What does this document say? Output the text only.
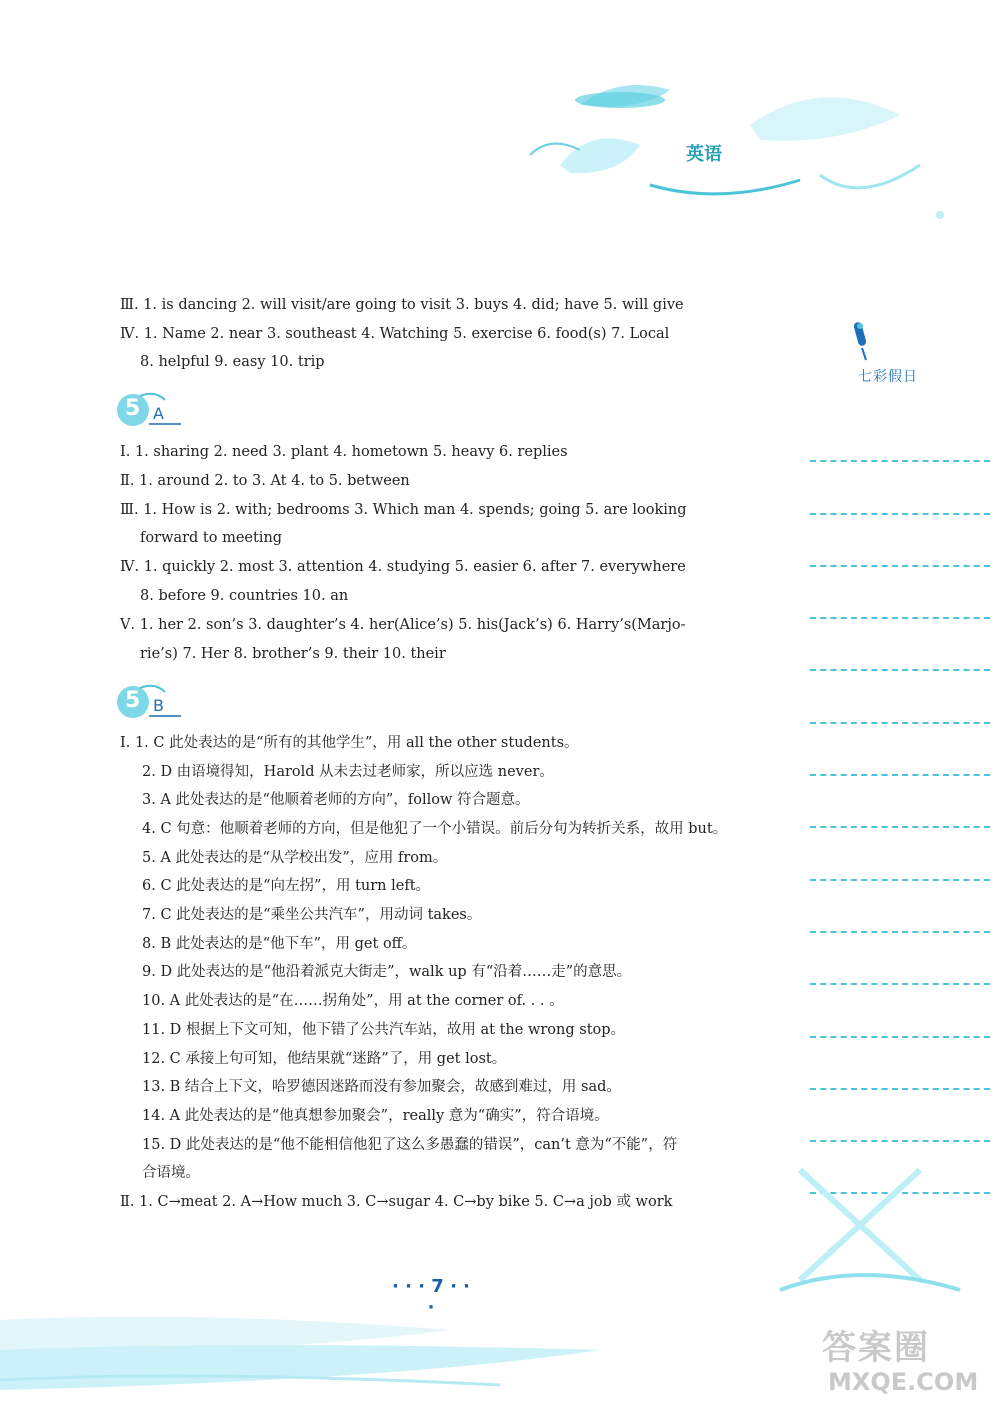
英语
七彩假日
Ⅲ. 1. is dancing 2. will visit/are going to visit 3. buys 4. did; have 5. will give
Ⅳ. 1. Name 2. near 3. southeast 4. Watching 5. exercise 6. food(s) 7. Local
8. helpful 9. easy 10. trip
5 A
Ⅰ. 1. sharing 2. need 3. plant 4. hometown 5. heavy 6. replies
Ⅱ. 1. around 2. to 3. At 4. to 5. between
Ⅲ. 1. How is 2. with; bedrooms 3. Which man 4. spends; going 5. are looking
forward to meeting
Ⅳ. 1. quickly 2. most 3. attention 4. studying 5. easier 6. after 7. everywhere
8. before 9. countries 10. an
Ⅴ. 1. her 2. son’s 3. daughter’s 4. her(Alice’s) 5. his(Jack’s) 6. Harry’s(Marjo-
rie’s) 7. Her 8. brother’s 9. their 10. their
5 B
Ⅰ. 1. C 此处表达的是“所有的其他学生”，用 all the other students。
2. D 由语境得知，Harold 从未去过老师家，所以应选 never。
3. A 此处表达的是“他顺着老师的方向”，follow 符合题意。
4. C 句意：他顺着老师的方向，但是他犯了一个小错误。前后分句为转折关系，故用 but。
5. A 此处表达的是“从学校出发”，应用 from。
6. C 此处表达的是“向左拐”，用 turn left。
7. C 此处表达的是“乘坐公共汽车”，用动词 takes。
8. B 此处表达的是“他下车”，用 get off。
9. D 此处表达的是“他沿着派克大街走”，walk up 有“沿着……走”的意思。
10. A 此处表达的是“在……拐角处”，用 at the corner of. . . 。
11. D 根据上下文可知，他下错了公共汽车站，故用 at the wrong stop。
12. C 承接上句可知，他结果就“迷路”了，用 get lost。
13. B 结合上下文，哈罗德因迷路而没有参加聚会，故感到难过，用 sad。
14. A 此处表达的是“他真想参加聚会”，really 意为“确实”，符合语境。
15. D 此处表达的是“他不能相信他犯了这么多愚蠢的错误”，can’t 意为“不能”，符
合语境。
Ⅱ. 1. C→meat 2. A→How much 3. C→sugar 4. C→by bike 5. C→a job 或 work
· · · 7 · · ·
答案圈
MXQE.COM
